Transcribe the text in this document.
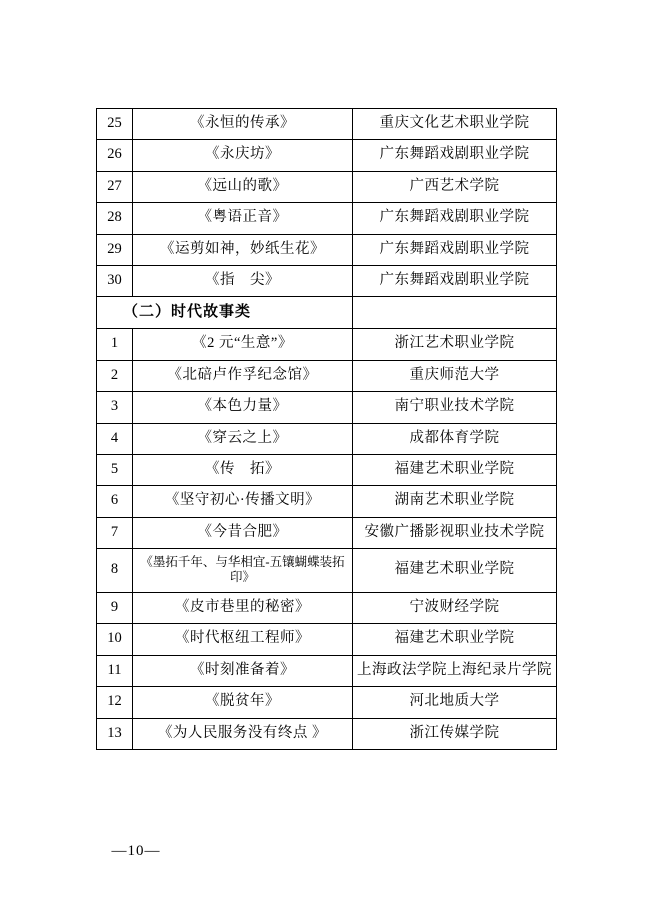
25	《永恒的传承》	重庆文化艺术职业学院
26	《永庆坊》	广东舞蹈戏剧职业学院
27	《远山的歌》	广西艺术学院
28	《粤语正音》	广东舞蹈戏剧职业学院
29	《运剪如神，妙纸生花》	广东舞蹈戏剧职业学院
30	《指　尖》	广东舞蹈戏剧职业学院
（二）时代故事类		
1	《2 元“生意”》	浙江艺术职业学院
2	《北碚卢作孚纪念馆》	重庆师范大学
3	《本色力量》	南宁职业技术学院
4	《穿云之上》	成都体育学院
5	《传　拓》	福建艺术职业学院
6	《坚守初心·传播文明》	湖南艺术职业学院
7	《今昔合肥》	安徽广播影视职业技术学院
8	《墨拓千年、与华相宜-五镶蝴蝶装拓印》	福建艺术职业学院
9	《皮市巷里的秘密》	宁波财经学院
10	《时代枢纽工程师》	福建艺术职业学院
11	《时刻准备着》	上海政法学院上海纪录片学院
12	《脱贫年》	河北地质大学
13	《为人民服务没有终点 》	浙江传媒学院
—10—
